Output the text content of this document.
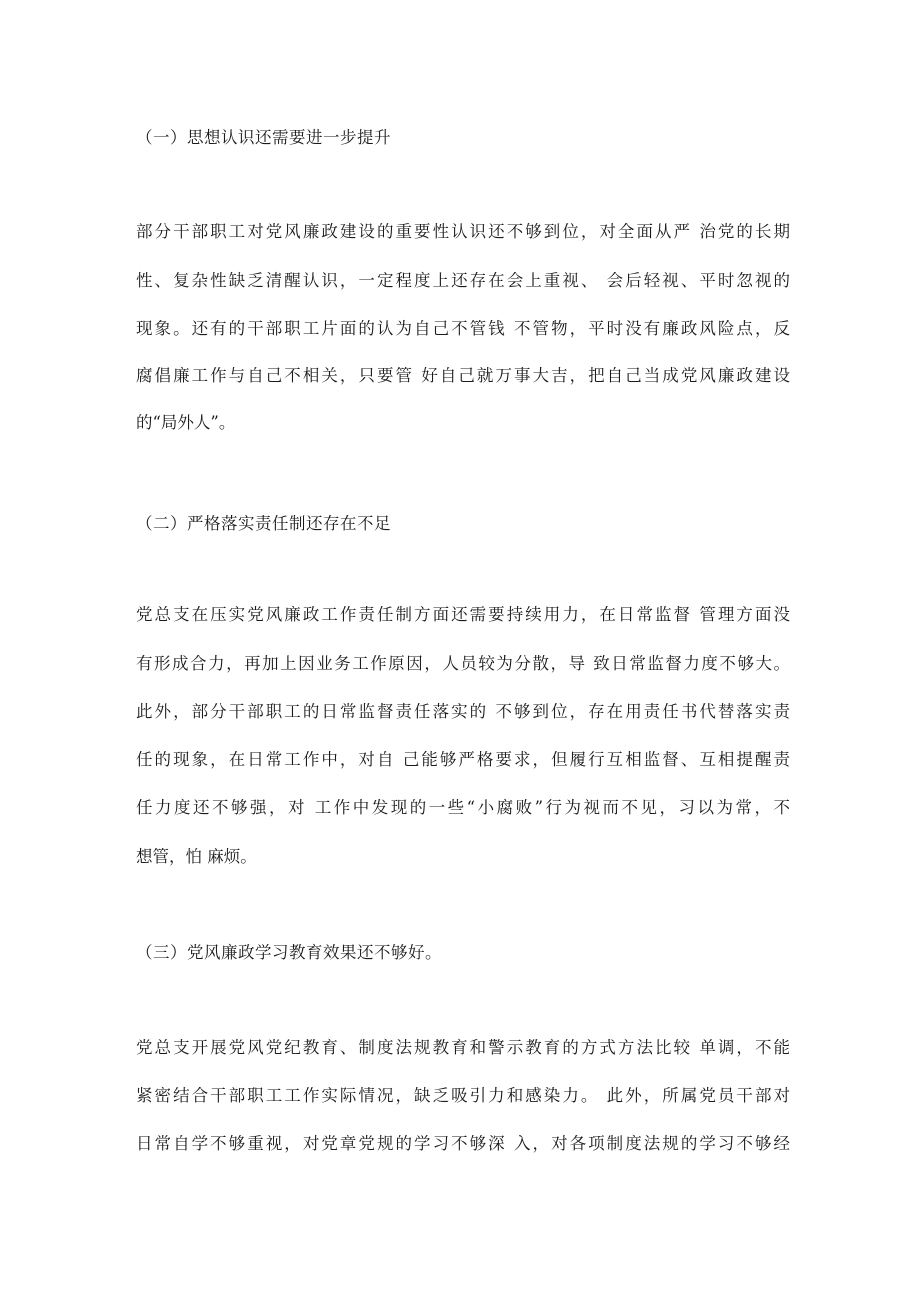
（一）思想认识还需要进一步提升
部分干部职工对党风廉政建设的重要性认识还不够到位，对全面从严 治党的长期
性、复杂性缺乏清醒认识，一定程度上还存在会上重视、 会后轻视、平时忽视的
现象。还有的干部职工片面的认为自己不管钱 不管物，平时没有廉政风险点，反
腐倡廉工作与自己不相关，只要管 好自己就万事大吉，把自己当成党风廉政建设
的“局外人”。
（二）严格落实责任制还存在不足
党总支在压实党风廉政工作责任制方面还需要持续用力，在日常监督 管理方面没
有形成合力，再加上因业务工作原因，人员较为分散，导 致日常监督力度不够大。
此外，部分干部职工的日常监督责任落实的 不够到位，存在用责任书代替落实责
任的现象，在日常工作中，对自 己能够严格要求，但履行互相监督、互相提醒责
任力度还不够强，对 工作中发现的一些“小腐败”行为视而不见，习以为常，不
想管，怕 麻烦。
（三）党风廉政学习教育效果还不够好。
党总支开展党风党纪教育、制度法规教育和警示教育的方式方法比较 单调，不能
紧密结合干部职工工作实际情况，缺乏吸引力和感染力。 此外，所属党员干部对
日常自学不够重视，对党章党规的学习不够深 入，对各项制度法规的学习不够经
